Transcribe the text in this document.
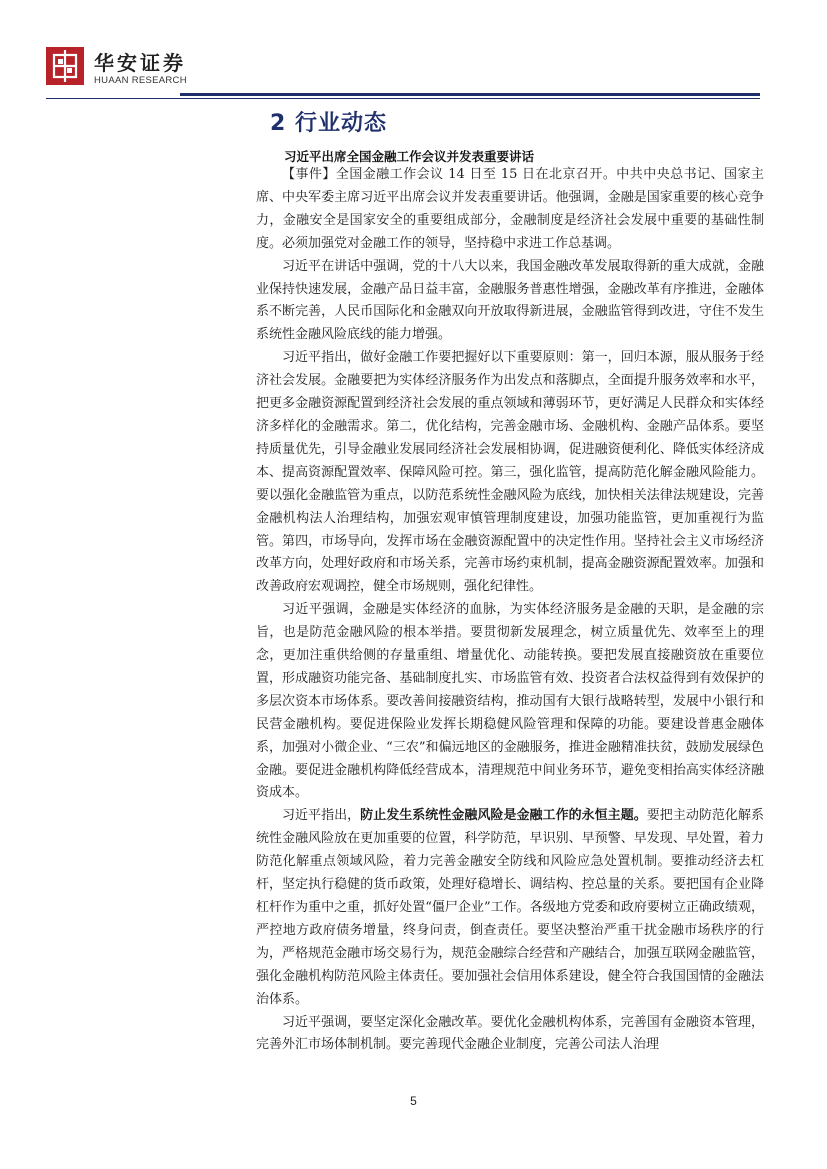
华安证券
HUAAN RESEARCH
2 行业动态
习近平出席全国金融工作会议并发表重要讲话

【事件】全国金融工作会议 14 日至 15 日在北京召开。中共中央总书记、国家主席、中央军委主席习近平出席会议并发表重要讲话。他强调，金融是国家重要的核心竞争力，金融安全是国家安全的重要组成部分，金融制度是经济社会发展中重要的基础性制度。必须加强党对金融工作的领导，坚持稳中求进工作总基调。

习近平在讲话中强调，党的十八大以来，我国金融改革发展取得新的重大成就，金融业保持快速发展，金融产品日益丰富，金融服务普惠性增强，金融改革有序推进，金融体系不断完善，人民币国际化和金融双向开放取得新进展，金融监管得到改进，守住不发生系统性金融风险底线的能力增强。

习近平指出，做好金融工作要把握好以下重要原则：第一，回归本源，服从服务于经济社会发展。金融要把为实体经济服务作为出发点和落脚点，全面提升服务效率和水平，把更多金融资源配置到经济社会发展的重点领域和薄弱环节，更好满足人民群众和实体经济多样化的金融需求。第二，优化结构，完善金融市场、金融机构、金融产品体系。要坚持质量优先，引导金融业发展同经济社会发展相协调，促进融资便利化、降低实体经济成本、提高资源配置效率、保障风险可控。第三，强化监管，提高防范化解金融风险能力。要以强化金融监管为重点，以防范系统性金融风险为底线，加快相关法律法规建设，完善金融机构法人治理结构，加强宏观审慎管理制度建设，加强功能监管，更加重视行为监管。第四，市场导向，发挥市场在金融资源配置中的决定性作用。坚持社会主义市场经济改革方向，处理好政府和市场关系，完善市场约束机制，提高金融资源配置效率。加强和改善政府宏观调控，健全市场规则，强化纪律性。

习近平强调，金融是实体经济的血脉，为实体经济服务是金融的天职，是金融的宗旨，也是防范金融风险的根本举措。要贯彻新发展理念，树立质量优先、效率至上的理念，更加注重供给侧的存量重组、增量优化、动能转换。要把发展直接融资放在重要位置，形成融资功能完备、基础制度扎实、市场监管有效、投资者合法权益得到有效保护的多层次资本市场体系。要改善间接融资结构，推动国有大银行战略转型，发展中小银行和民营金融机构。要促进保险业发挥长期稳健风险管理和保障的功能。要建设普惠金融体系，加强对小微企业、“三农”和偏远地区的金融服务，推进金融精准扶贫，鼓励发展绿色金融。要促进金融机构降低经营成本，清理规范中间业务环节，避免变相抬高实体经济融资成本。

习近平指出，防止发生系统性金融风险是金融工作的永恒主题。要把主动防范化解系统性金融风险放在更加重要的位置，科学防范，早识别、早预警、早发现、早处置，着力防范化解重点领域风险，着力完善金融安全防线和风险应急处置机制。要推动经济去杠杆，坚定执行稳健的货币政策，处理好稳增长、调结构、控总量的关系。要把国有企业降杠杆作为重中之重，抓好处置“僵尸企业”工作。各级地方党委和政府要树立正确政绩观，严控地方政府债务增量，终身问责，倒查责任。要坚决整治严重干扰金融市场秩序的行为，严格规范金融市场交易行为，规范金融综合经营和产融结合，加强互联网金融监管，强化金融机构防范风险主体责任。要加强社会信用体系建设，健全符合我国国情的金融法治体系。

习近平强调，要坚定深化金融改革。要优化金融机构体系，完善国有金融资本管理，完善外汇市场体制机制。要完善现代金融企业制度，完善公司法人治理

5
